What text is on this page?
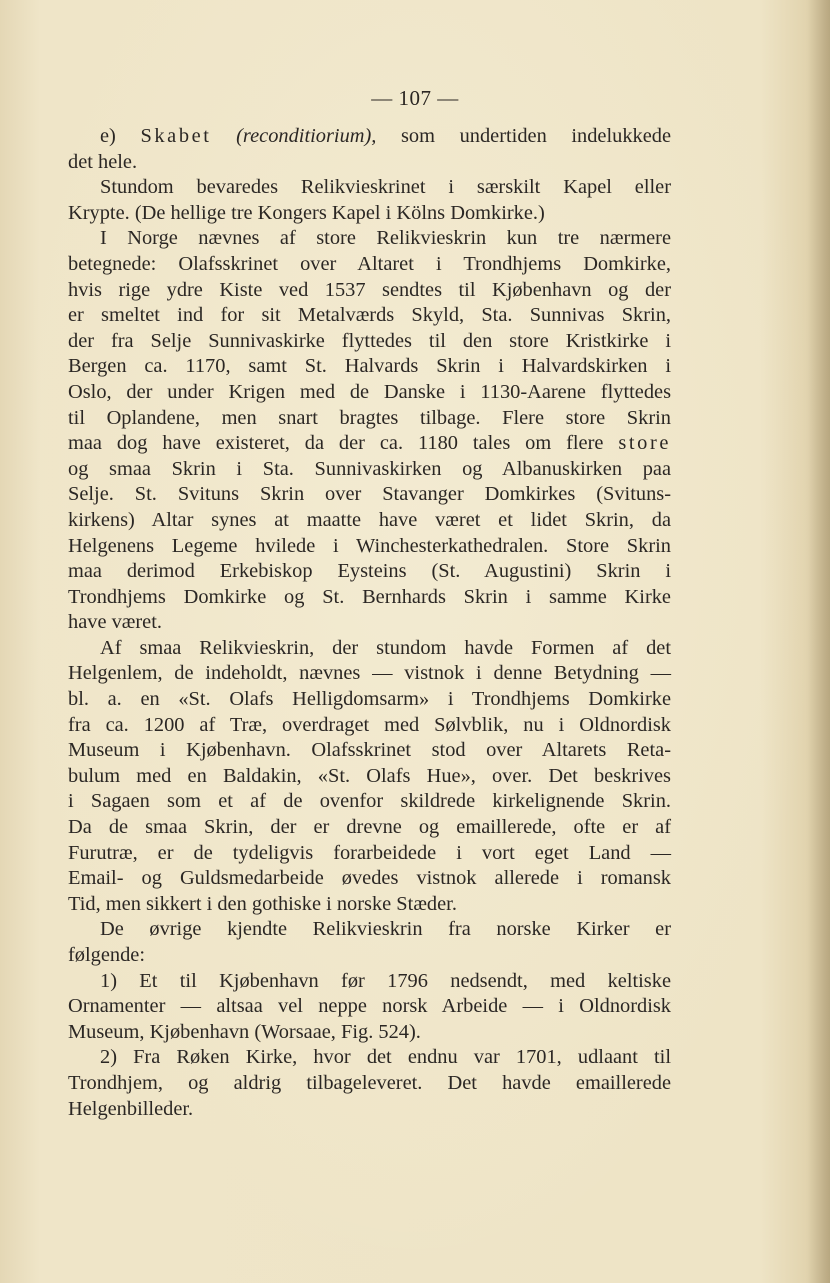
— 107 —

e) Skabet (reconditiorium), som undertiden indelukkede

det hele.

Stundom bevaredes Relikvieskrinet i særskilt Kapel eller

Krypte. (De hellige tre Kongers Kapel i Kölns Domkirke.)

I Norge nævnes af store Relikvieskrin kun tre nærmere

betegnede: Olafsskrinet over Altaret i Trondhjems Domkirke,

hvis rige ydre Kiste ved 1537 sendtes til Kjøbenhavn og der

er smeltet ind for sit Metalværds Skyld, Sta. Sunnivas Skrin,

der fra Selje Sunnivaskirke flyttedes til den store Kristkirke i

Bergen ca. 1170, samt St. Halvards Skrin i Halvardskirken i

Oslo, der under Krigen med de Danske i 1130-Aarene flyttedes

til Oplandene, men snart bragtes tilbage. Flere store Skrin

maa dog have existeret, da der ca. 1180 tales om flere store

og smaa Skrin i Sta. Sunnivaskirken og Albanuskirken paa

Selje. St. Svituns Skrin over Stavanger Domkirkes (Svituns-

kirkens) Altar synes at maatte have været et lidet Skrin, da

Helgenens Legeme hvilede i Winchesterkathedralen. Store Skrin

maa derimod Erkebiskop Eysteins (St. Augustini) Skrin i

Trondhjems Domkirke og St. Bernhards Skrin i samme Kirke

have været.

Af smaa Relikvieskrin, der stundom havde Formen af det

Helgenlem, de indeholdt, nævnes — vistnok i denne Betydning —

bl. a. en «St. Olafs Helligdomsarm» i Trondhjems Domkirke

fra ca. 1200 af Træ, overdraget med Sølvblik, nu i Oldnordisk

Museum i Kjøbenhavn. Olafsskrinet stod over Altarets Reta-

bulum med en Baldakin, «St. Olafs Hue», over. Det beskrives

i Sagaen som et af de ovenfor skildrede kirkelignende Skrin.

Da de smaa Skrin, der er drevne og emaillerede, ofte er af

Furutræ, er de tydeligvis forarbeidede i vort eget Land —

Email- og Guldsmedarbeide øvedes vistnok allerede i romansk

Tid, men sikkert i den gothiske i norske Stæder.

De øvrige kjendte Relikvieskrin fra norske Kirker er

følgende:

1) Et til Kjøbenhavn før 1796 nedsendt, med keltiske

Ornamenter — altsaa vel neppe norsk Arbeide — i Oldnordisk

Museum, Kjøbenhavn (Worsaae, Fig. 524).

2) Fra Røken Kirke, hvor det endnu var 1701, udlaant til

Trondhjem, og aldrig tilbageleveret. Det havde emaillerede

Helgenbilleder.
